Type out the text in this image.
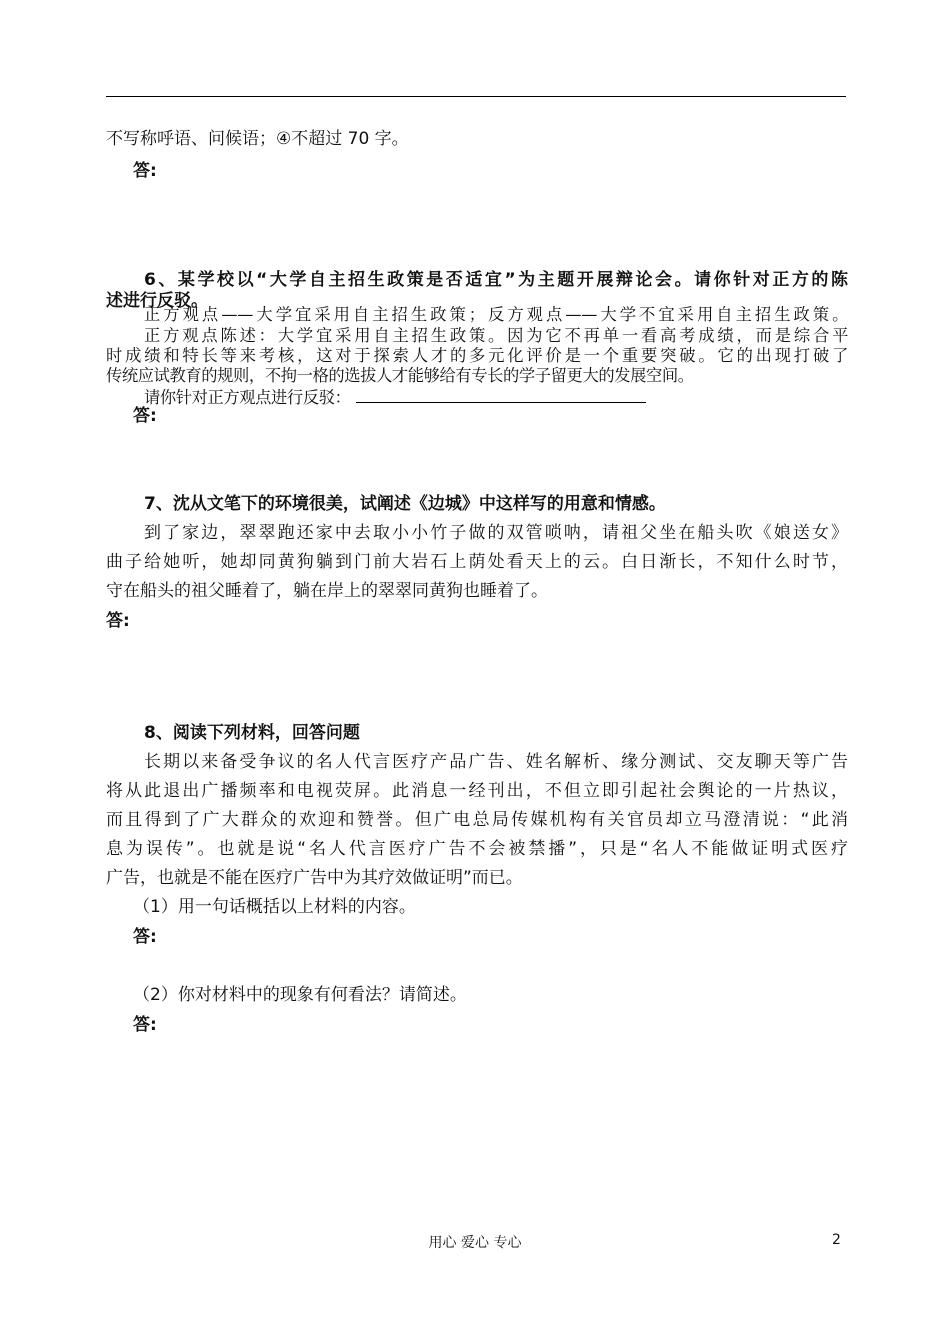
不写称呼语、问候语；④不超过 70 字。
答:
6、某学校以“大学自主招生政策是否适宜”为主题开展辩论会。请你针对正方的陈
述进行反驳。
正方观点——大学宜采用自主招生政策；反方观点——大学不宜采用自主招生政策。
正方观点陈述：大学宜采用自主招生政策。因为它不再单一看高考成绩，而是综合平
时成绩和特长等来考核，这对于探索人才的多元化评价是一个重要突破。它的出现打破了
传统应试教育的规则，不拘一格的选拔人才能够给有专长的学子留更大的发展空间。
请你针对正方观点进行反驳：
答:
7、沈从文笔下的环境很美，试阐述《边城》中这样写的用意和情感。
到了家边，翠翠跑还家中去取小小竹子做的双管唢呐，请祖父坐在船头吹《娘送女》
曲子给她听，她却同黄狗躺到门前大岩石上荫处看天上的云。白日渐长，不知什么时节，
守在船头的祖父睡着了，躺在岸上的翠翠同黄狗也睡着了。
答:
8、阅读下列材料，回答问题
长期以来备受争议的名人代言医疗产品广告、姓名解析、缘分测试、交友聊天等广告
将从此退出广播频率和电视荧屏。此消息一经刊出，不但立即引起社会舆论的一片热议，
而且得到了广大群众的欢迎和赞誉。但广电总局传媒机构有关官员却立马澄清说：“此消
息为误传”。也就是说“名人代言医疗广告不会被禁播”，只是“名人不能做证明式医疗
广告，也就是不能在医疗广告中为其疗效做证明”而已。
（1）用一句话概括以上材料的内容。
答:
（2）你对材料中的现象有何看法？请简述。
答:
用心 爱心 专心	2
